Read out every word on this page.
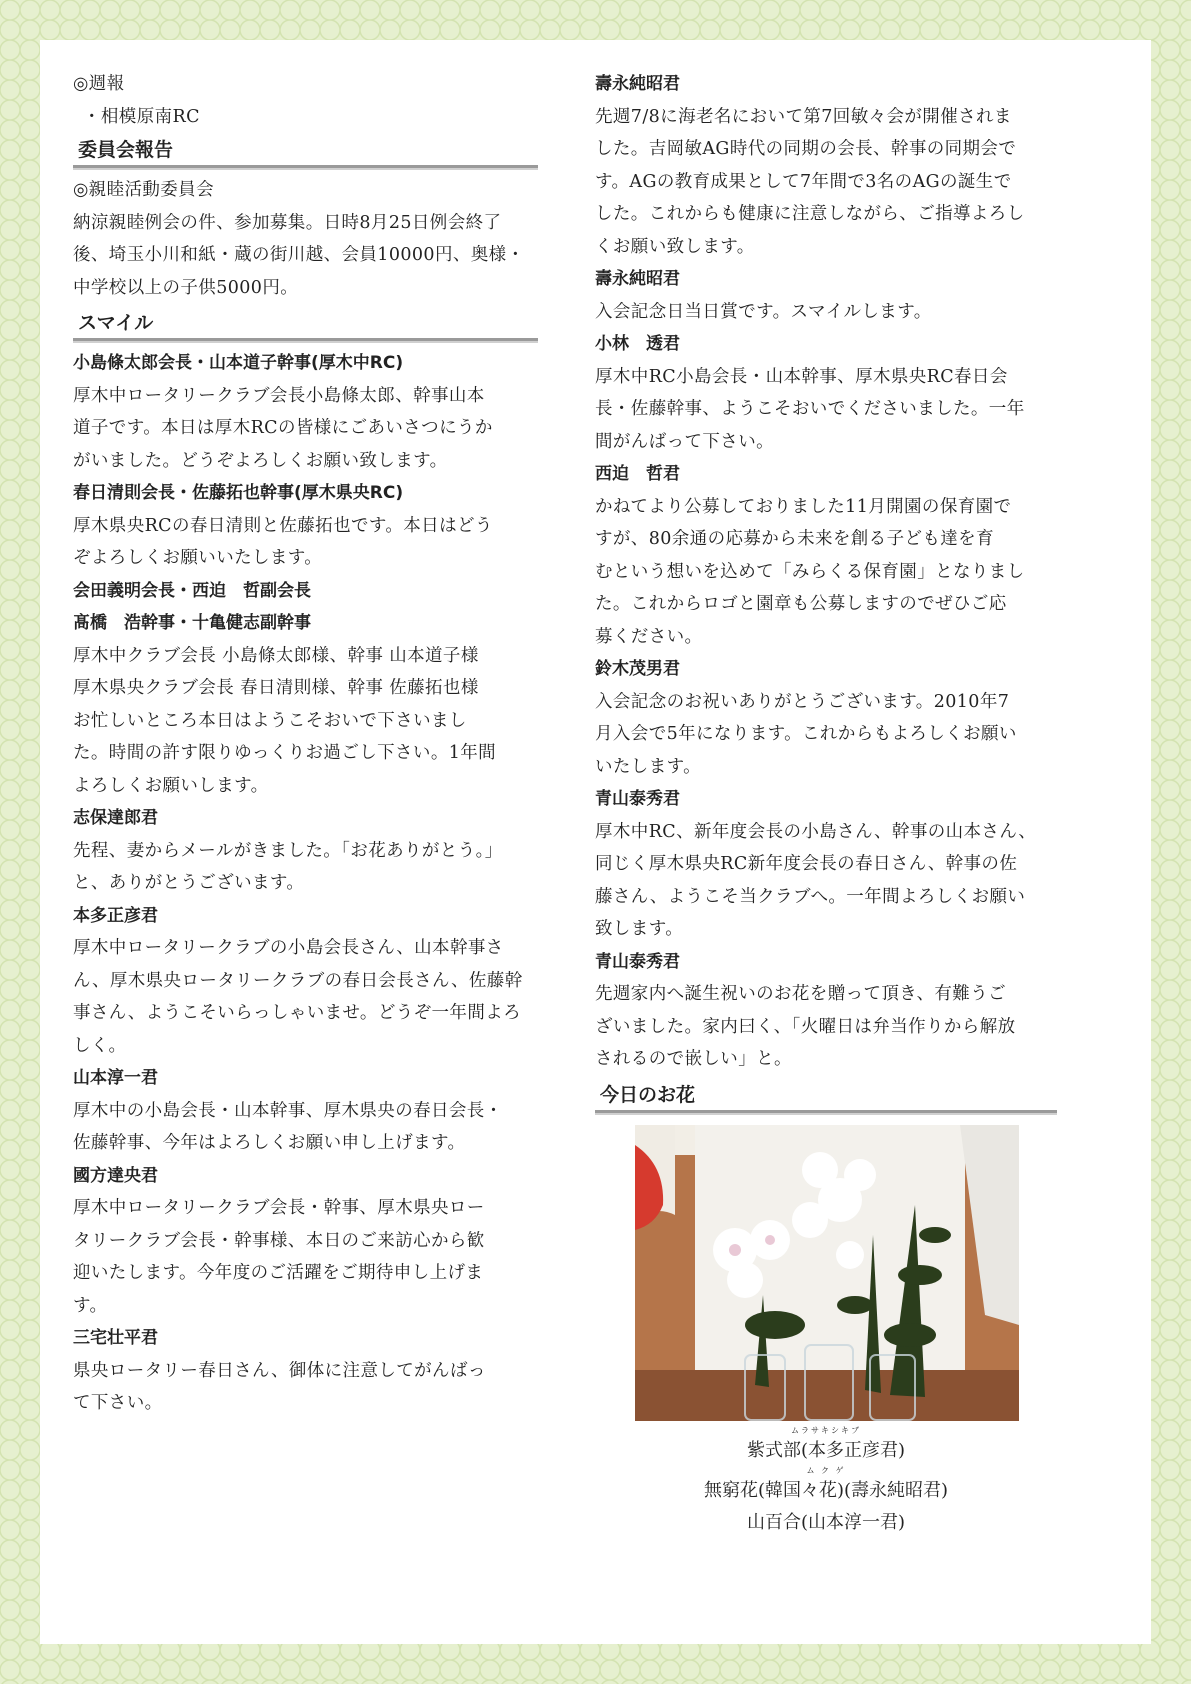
◎週報
・相模原南RC
委員会報告
◎親睦活動委員会
納涼親睦例会の件、参加募集。日時8月25日例会終了
後、埼玉小川和紙・蔵の街川越、会員10000円、奥様・
中学校以上の子供5000円。
スマイル
小島條太郎会長・山本道子幹事(厚木中RC)
厚木中ロータリークラブ会長小島條太郎、幹事山本
道子です。本日は厚木RCの皆様にごあいさつにうか
がいました。どうぞよろしくお願い致します。
春日清則会長・佐藤拓也幹事(厚木県央RC)
厚木県央RCの春日清則と佐藤拓也です。本日はどう
ぞよろしくお願いいたします。
会田義明会長・西迫　哲副会長
髙橋　浩幹事・十亀健志副幹事
厚木中クラブ会長 小島條太郎様、幹事 山本道子様
厚木県央クラブ会長 春日清則様、幹事 佐藤拓也様
お忙しいところ本日はようこそおいで下さいまし
た。時間の許す限りゆっくりお過ごし下さい。1年間
よろしくお願いします。
志保達郎君
先程、妻からメールがきました。「お花ありがとう。」
と、ありがとうございます。
本多正彦君
厚木中ロータリークラブの小島会長さん、山本幹事さ
ん、厚木県央ロータリークラブの春日会長さん、佐藤幹
事さん、ようこそいらっしゃいませ。どうぞ一年間よろ
しく。
山本淳一君
厚木中の小島会長・山本幹事、厚木県央の春日会長・
佐藤幹事、今年はよろしくお願い申し上げます。
國方達央君
厚木中ロータリークラブ会長・幹事、厚木県央ロー
タリークラブ会長・幹事様、本日のご来訪心から歓
迎いたします。今年度のご活躍をご期待申し上げま
す。
三宅壮平君
県央ロータリー春日さん、御体に注意してがんばっ
て下さい。
壽永純昭君
先週7/8に海老名において第7回敏々会が開催されま
した。吉岡敏AG時代の同期の会長、幹事の同期会で
す。AGの教育成果として7年間で3名のAGの誕生で
した。これからも健康に注意しながら、ご指導よろし
くお願い致します。
壽永純昭君
入会記念日当日賞です。スマイルします。
小林　透君
厚木中RC小島会長・山本幹事、厚木県央RC春日会
長・佐藤幹事、ようこそおいでくださいました。一年
間がんばって下さい。
西迫　哲君
かねてより公募しておりました11月開園の保育園で
すが、80余通の応募から未来を創る子ども達を育
むという想いを込めて「みらくる保育園」となりまし
た。これからロゴと園章も公募しますのでぜひご応
募ください。
鈴木茂男君
入会記念のお祝いありがとうございます。2010年7
月入会で5年になります。これからもよろしくお願い
いたします。
青山泰秀君
厚木中RC、新年度会長の小島さん、幹事の山本さん、
同じく厚木県央RC新年度会長の春日さん、幹事の佐
藤さん、ようこそ当クラブへ。一年間よろしくお願い
致します。
青山泰秀君
先週家内へ誕生祝いのお花を贈って頂き、有難うご
ざいました。家内曰く、「火曜日は弁当作りから解放
されるので嵌しい」と。
今日のお花
ムラサキシキブ
紫式部(本多正彦君)
ム ク ゲ
無窮花(韓国々花)(壽永純昭君)
山百合(山本淳一君)
